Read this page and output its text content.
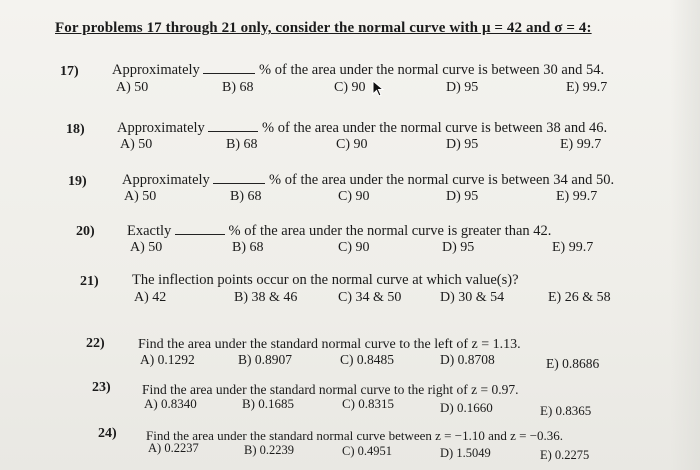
For problems 17 through 21 only, consider the normal curve with μ = 42 and σ = 4:
17) Approximately	% of the area under the normal curve is between 30 and 54.
A) 50	B) 68	C) 90	D) 95	E) 99.7
18) Approximately	% of the area under the normal curve is between 38 and 46.
A) 50	B) 68	C) 90	D) 95	E) 99.7
19) Approximately	% of the area under the normal curve is between 34 and 50.
A) 50	B) 68	C) 90	D) 95	E) 99.7
20) Exactly	% of the area under the normal curve is greater than 42.
A) 50	B) 68	C) 90	D) 95	E) 99.7
21) The inflection points occur on the normal curve at which value(s)?
A) 42	B) 38 & 46	C) 34 & 50	D) 30 & 54	E) 26 & 58
22) Find the area under the standard normal curve to the left of z = 1.13.
A) 0.1292	B) 0.8907	C) 0.8485	D) 0.8708	E) 0.8686
23) Find the area under the standard normal curve to the right of z = 0.97.
A) 0.8340	B) 0.1685	C) 0.8315	D) 0.1660	E) 0.8365
24) Find the area under the standard normal curve between z = −1.10 and z = −0.36.
A) 0.2237	B) 0.2239	C) 0.4951	D) 1.5049	E) 0.2275
